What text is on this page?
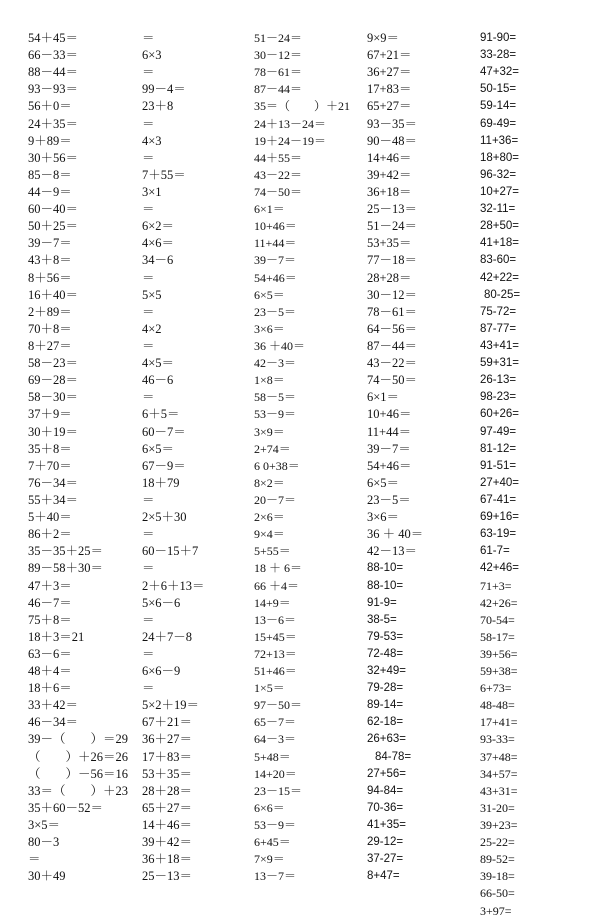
54＋45＝
66－33＝
88－44＝
93－93＝
56＋0＝
24＋35＝
9＋89＝
30＋56＝
85－8＝
44－9＝
60－40＝
50＋25＝
39－7＝
43＋8＝
8＋56＝
16＋40＝
2＋89＝
70＋8＝
8＋27＝
58－23＝
69－28＝
58－30＝
37＋9＝
30＋19＝
35＋8＝
7＋70＝
76－34＝
55＋34＝
5＋40＝
86＋2＝
35－35＋25＝
89－58＋30＝
47＋3＝
46－7＝
75＋8＝
18＋3＝21
63－6＝
48＋4＝
18＋6＝
33＋42＝
46－34＝
39－（　　）＝29
（　　）＋26＝26
（　　）－56＝16
33＝（　　）＋23
35＋60－52＝
3×5＝
80－3
＝
30＋49
＝
6×3
＝
99－4＝
23＋8
＝
4×3
＝
7＋55＝
3×1
＝
6×2＝
4×6＝
34－6
＝
5×5
＝
4×2
＝
4×5＝
46－6
＝
6＋5＝
60－7＝
6×5＝
67－9＝
18＋79
＝
2×5＋30
＝
60－15＋7
＝
2＋6＋13＝
5×6－6
＝
24＋7－8
＝
6×6－9
＝
5×2＋19＝
67＋21＝
36＋27＝
17＋83＝
53＋35＝
28＋28＝
65＋27＝
14＋46＝
39＋42＝
36＋18＝
25－13＝
51－24＝
30－12＝
78－61＝
87－44＝
35＝（　　）＋21
24＋13－24＝
19＋24－19＝
44＋55＝
43－22＝
74－50＝
6×1＝
10+46＝
11+44＝
39－7＝
54+46＝
6×5＝
23－5＝
3×6＝
36 ＋40＝
42－3＝
1×8＝
58－5＝
53－9＝
3×9＝
2+74＝
6 0+38＝
8×2＝
20－7＝
2×6＝
9×4＝
5+55＝
18 ＋ 6＝
66 ＋4＝
14+9＝
13－6＝
15+45＝
72+13＝
51+46＝
1×5＝
97－50＝
65－7＝
64－3＝
5+48＝
14+20＝
23－15＝
6×6＝
53－9＝
6+45＝
7×9＝
13－7＝
9×9＝
67+21＝
36+27＝
17+83＝
65+27＝
93－35＝
90－48＝
14+46＝
39+42＝
36+18＝
25－13＝
51－24＝
53+35＝
77－18＝
28+28＝
30－12＝
78－61＝
64－56＝
87－44＝
43－22＝
74－50＝
6×1＝
10+46＝
11+44＝
39－7＝
54+46＝
6×5＝
23－5＝
3×6＝
36 ＋ 40＝
42－13＝
88-10=
88-10=
91-9=
38-5=
79-53=
72-48=
32+49=
79-28=
89-14=
62-18=
26+63=
84-78=
27+56=
94-84=
70-36=
41+35=
29-12=
37-27=
8+47=
91-90=
33-28=
47+32=
50-15=
59-14=
69-49=
11+36=
18+80=
96-32=
10+27=
32-11=
28+50=
41+18=
83-60=
42+22=
80-25=
75-72=
87-77=
43+41=
59+31=
26-13=
98-23=
60+26=
97-49=
81-12=
91-51=
27+40=
67-41=
69+16=
63-19=
61-7=
42+46=
71+3=
42+26=
70-54=
58-17=
39+56=
59+38=
6+73=
48-48=
17+41=
93-33=
37+48=
34+57=
43+31=
31-20=
39+23=
25-22=
89-52=
39-18=
66-50=
3+97=
